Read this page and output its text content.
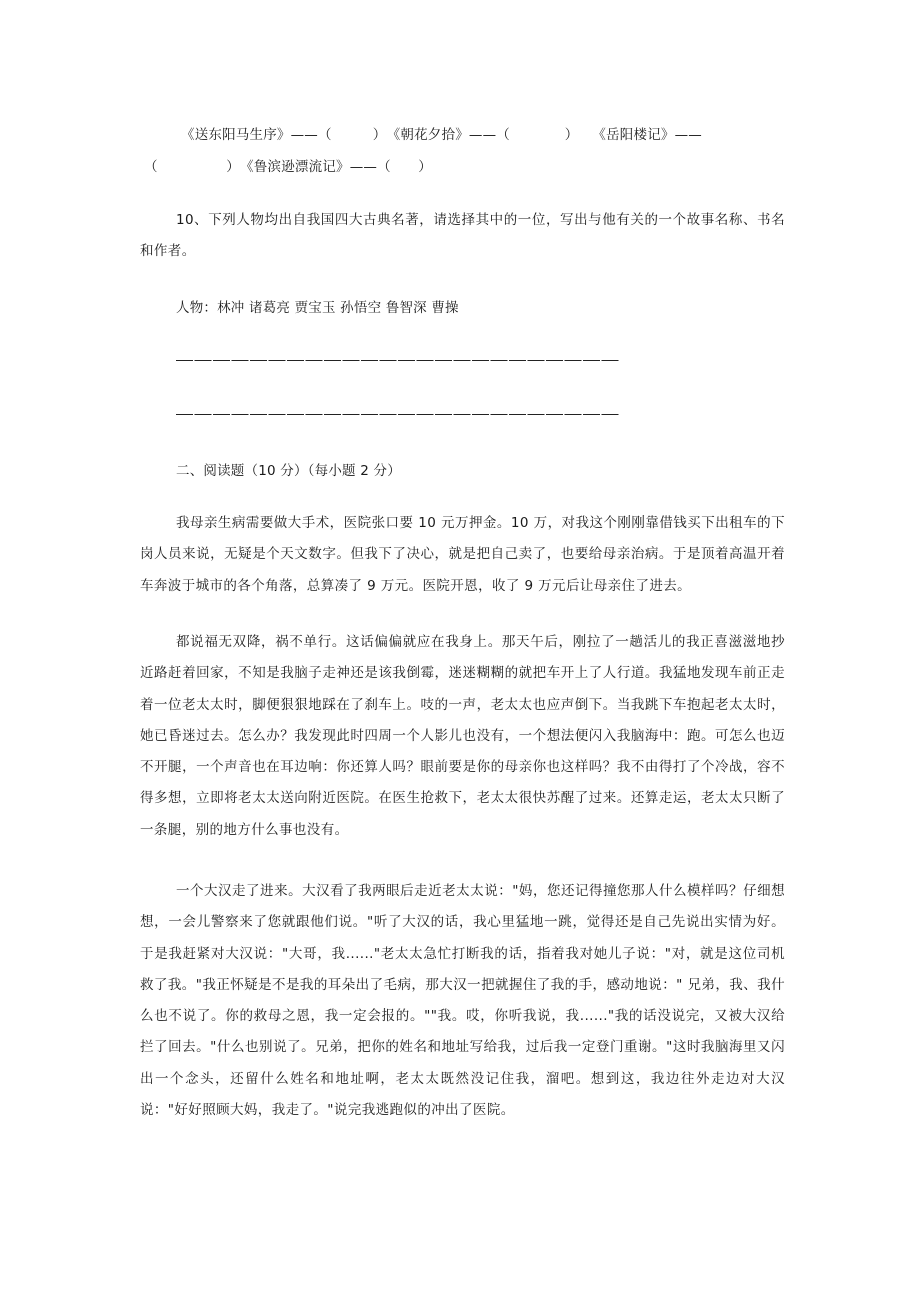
《送东阳马生序》——（　　　）　《朝花夕拾》——（　　　　）　　《岳阳楼记》——
（　　　　　）　《鲁滨逊漂流记》——（　　）
10、下列人物均出自我国四大古典名著，请选择其中的一位，写出与他有关的一个故事名称、书名和作者。
人物：林冲 诸葛亮 贾宝玉 孙悟空 鲁智深 曹操
二、阅读题（10 分）（每小题 2 分）
我母亲生病需要做大手术，医院张口要 10 元万押金。10 万，对我这个刚刚靠借钱买下出租车的下岗人员来说，无疑是个天文数字。但我下了决心，就是把自己卖了，也要给母亲治病。于是顶着高温开着车奔波于城市的各个角落，总算凑了 9 万元。医院开恩，收了 9 万元后让母亲住了进去。
都说福无双降，祸不单行。这话偏偏就应在我身上。那天午后，刚拉了一趟活儿的我正喜滋滋地抄近路赶着回家，不知是我脑子走神还是该我倒霉，迷迷糊糊的就把车开上了人行道。我猛地发现车前正走着一位老太太时，脚便狠狠地踩在了刹车上。吱的一声，老太太也应声倒下。当我跳下车抱起老太太时，她已昏迷过去。怎么办？我发现此时四周一个人影儿也没有，一个想法便闪入我脑海中：跑。可怎么也迈不开腿，一个声音也在耳边响：你还算人吗？眼前要是你的母亲你也这样吗？我不由得打了个冷战，容不得多想，立即将老太太送向附近医院。在医生抢救下，老太太很快苏醒了过来。还算走运，老太太只断了一条腿，别的地方什么事也没有。
一个大汉走了进来。大汉看了我两眼后走近老太太说："妈，您还记得撞您那人什么模样吗？仔细想想，一会儿警察来了您就跟他们说。"听了大汉的话，我心里猛地一跳，觉得还是自己先说出实情为好。于是我赶紧对大汉说："大哥，我......"老太太急忙打断我的话，指着我对她儿子说："对，就是这位司机救了我。"我正怀疑是不是我的耳朵出了毛病，那大汉一把就握住了我的手，感动地说：" 兄弟，我、我什么也不说了。你的救母之恩，我一定会报的。""我。哎，你听我说，我......"我的话没说完，又被大汉给拦了回去。"什么也别说了。兄弟，把你的姓名和地址写给我，过后我一定登门重谢。"这时我脑海里又闪出一个念头，还留什么姓名和地址啊，老太太既然没记住我，溜吧。想到这，我边往外走边对大汉说："好好照顾大妈，我走了。"说完我逃跑似的冲出了医院。
